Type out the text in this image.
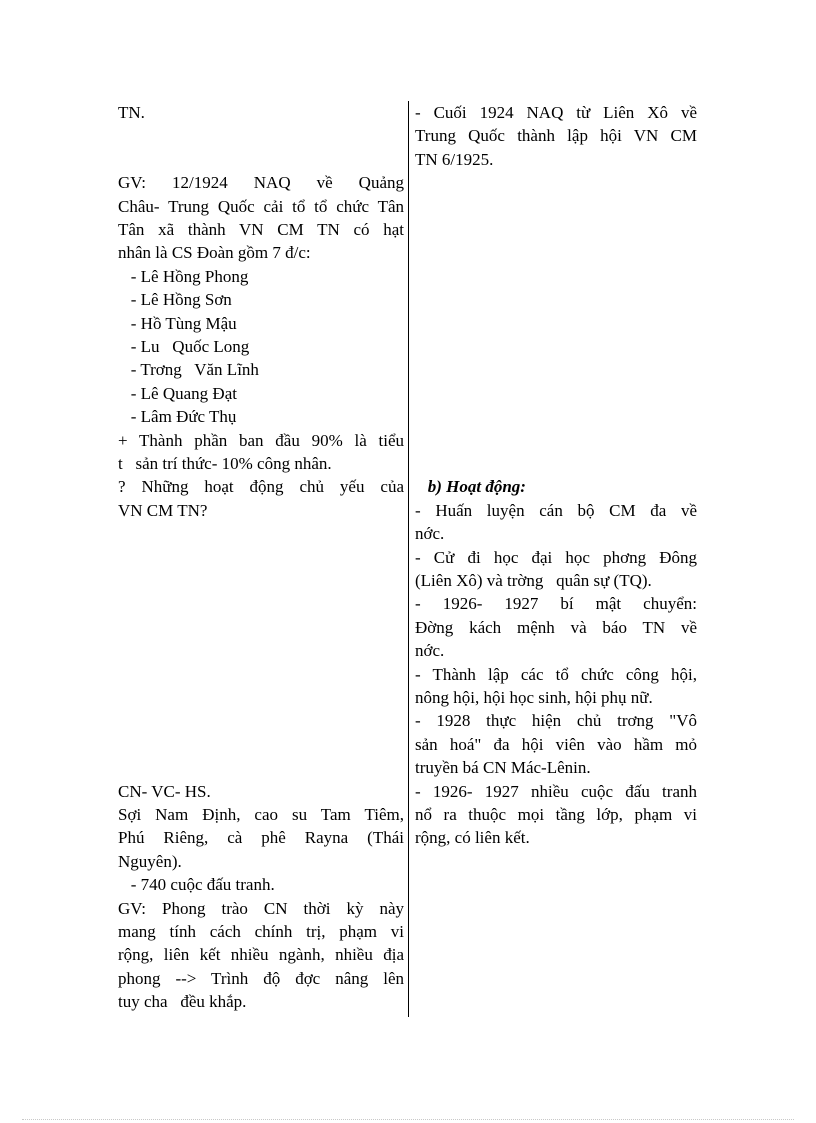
TN.
GV: 12/1924 NAQ về Quảng
Châu- Trung Quốc cải tổ tổ chức Tân
Tân xã thành VN CM TN có hạt
nhân là CS Đoàn gồm 7 đ/c:
- Lê Hồng Phong
- Lê Hồng Sơn
- Hồ Tùng Mậu
- Lu   Quốc Long
- Trơng   Văn Lĩnh
- Lê Quang Đạt
- Lâm Đức Thụ
+ Thành phần ban đầu 90% là tiểu
t   sản trí thức- 10% công nhân.
? Những hoạt động chủ yếu của
VN CM TN?
CN- VC- HS.
Sợi Nam Định, cao su Tam Tiêm,
Phú Riêng, cà phê Rayna (Thái
Nguyên).
- 740 cuộc đấu tranh.
GV: Phong trào CN thời kỳ này
mang tính cách chính trị, phạm vi
rộng, liên kết nhiều ngành, nhiều địa
phong --> Trình độ đợc nâng lên
tuy cha   đều khắp.
- Cuối 1924 NAQ từ Liên Xô về
Trung Quốc thành lập hội VN CM
TN 6/1925.
b) Hoạt động:
- Huấn luyện cán bộ CM đa về
nớc.
- Cử đi học đại học phơng Đông
(Liên Xô) và trờng   quân sự (TQ).
- 1926- 1927 bí mật chuyển:
Đờng kách mệnh và báo TN về
nớc.
- Thành lập các tổ chức công hội,
nông hội, hội học sinh, hội phụ nữ.
- 1928 thực hiện chủ trơng "Vô
sản hoá" đa hội viên vào hầm mỏ
truyền bá CN Mác-Lênin.
- 1926- 1927 nhiều cuộc đấu tranh
nổ ra thuộc mọi tầng lớp, phạm vi
rộng, có liên kết.
